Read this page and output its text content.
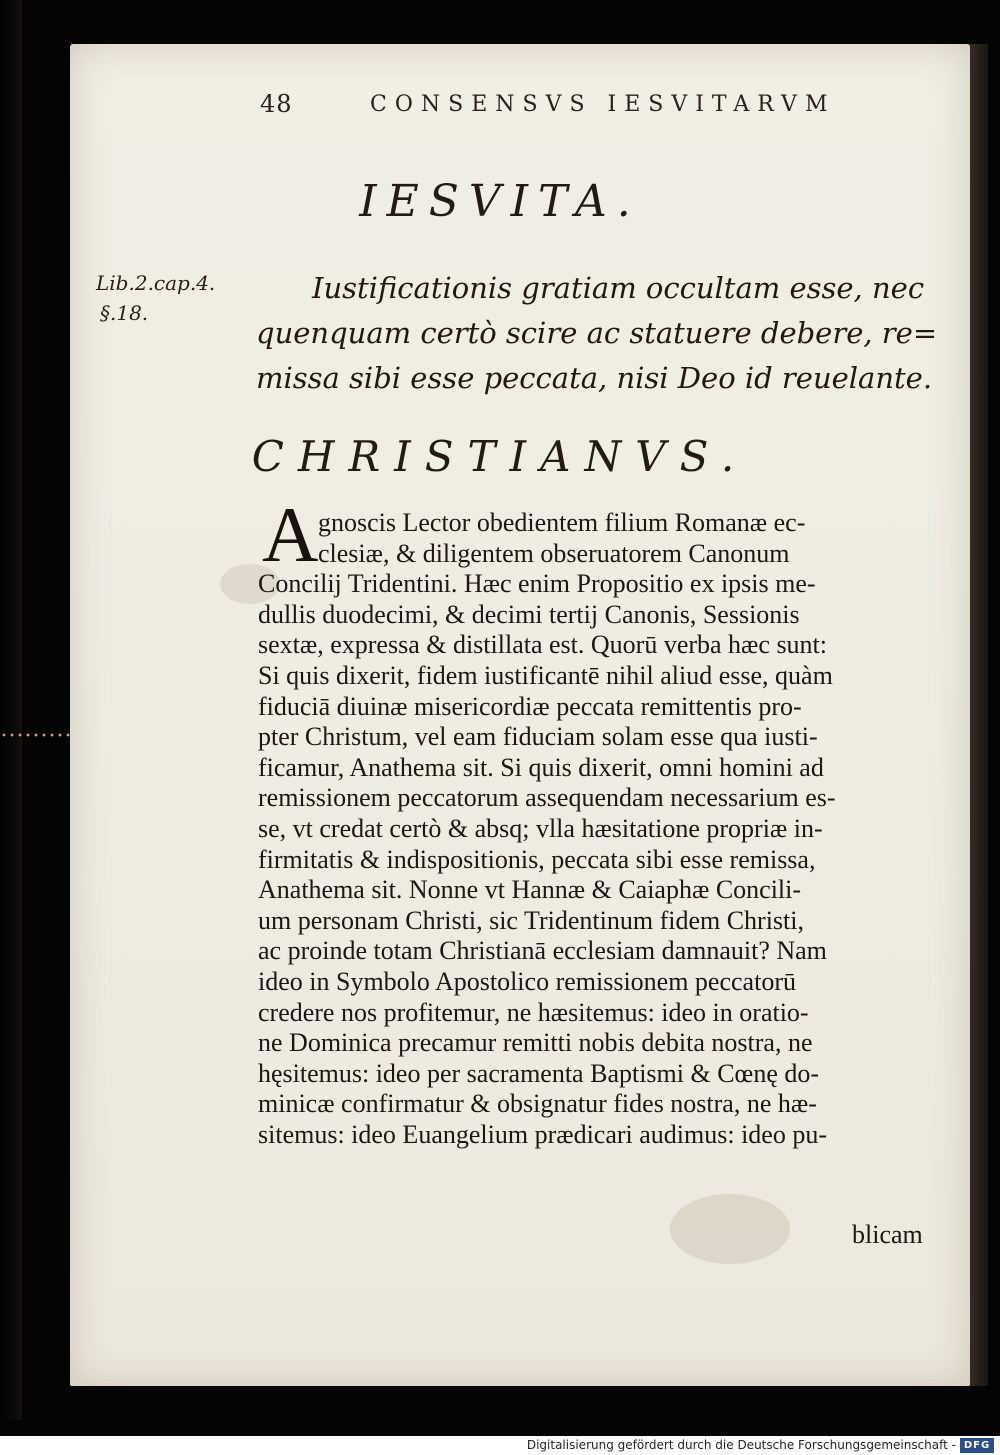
48	CONSENSVS IESVITARVM
IESVITA.
Lib.2.cap.4.
§.18.
Iustificationis gratiam occultam esse, nec
quenquam certò scire ac statuere debere, re=
missa sibi esse peccata, nisi Deo id reuelante.
CHRISTIANVS.
A gnoscis Lector obedientem filium Romanæ ec-
clesiæ, & diligentem obseruatorem Canonum
Concilij Tridentini. Hæc enim Propositio ex ipsis me-
dullis duodecimi, & decimi tertij Canonis, Sessionis
sextæ, expressa & distillata est. Quorū verba hæc sunt:
Si quis dixerit, fidem iustificantē nihil aliud esse, quàm
fiduciā diuinæ misericordiæ peccata remittentis pro-
pter Christum, vel eam fiduciam solam esse qua iusti-
ficamur, Anathema sit. Si quis dixerit, omni homini ad
remissionem peccatorum assequendam necessarium es-
se, vt credat certò & absq; vlla hæsitatione propriæ in-
firmitatis & indispositionis, peccata sibi esse remissa,
Anathema sit. Nonne vt Hannæ & Caiaphæ Concili-
um personam Christi, sic Tridentinum fidem Christi,
ac proinde totam Christianā ecclesiam damnauit? Nam
ideo in Symbolo Apostolico remissionem peccatorū
credere nos profitemur, ne hæsitemus: ideo in oratio-
ne Dominica precamur remitti nobis debita nostra, ne
hęsitemus: ideo per sacramenta Baptismi & Cœnę do-
minicæ confirmatur & obsignatur fides nostra, ne hæ-
sitemus: ideo Euangelium prædicari audimus: ideo pu-
blicam
Digitalisierung gefördert durch die Deutsche Forschungsgemeinschaft - DFG
